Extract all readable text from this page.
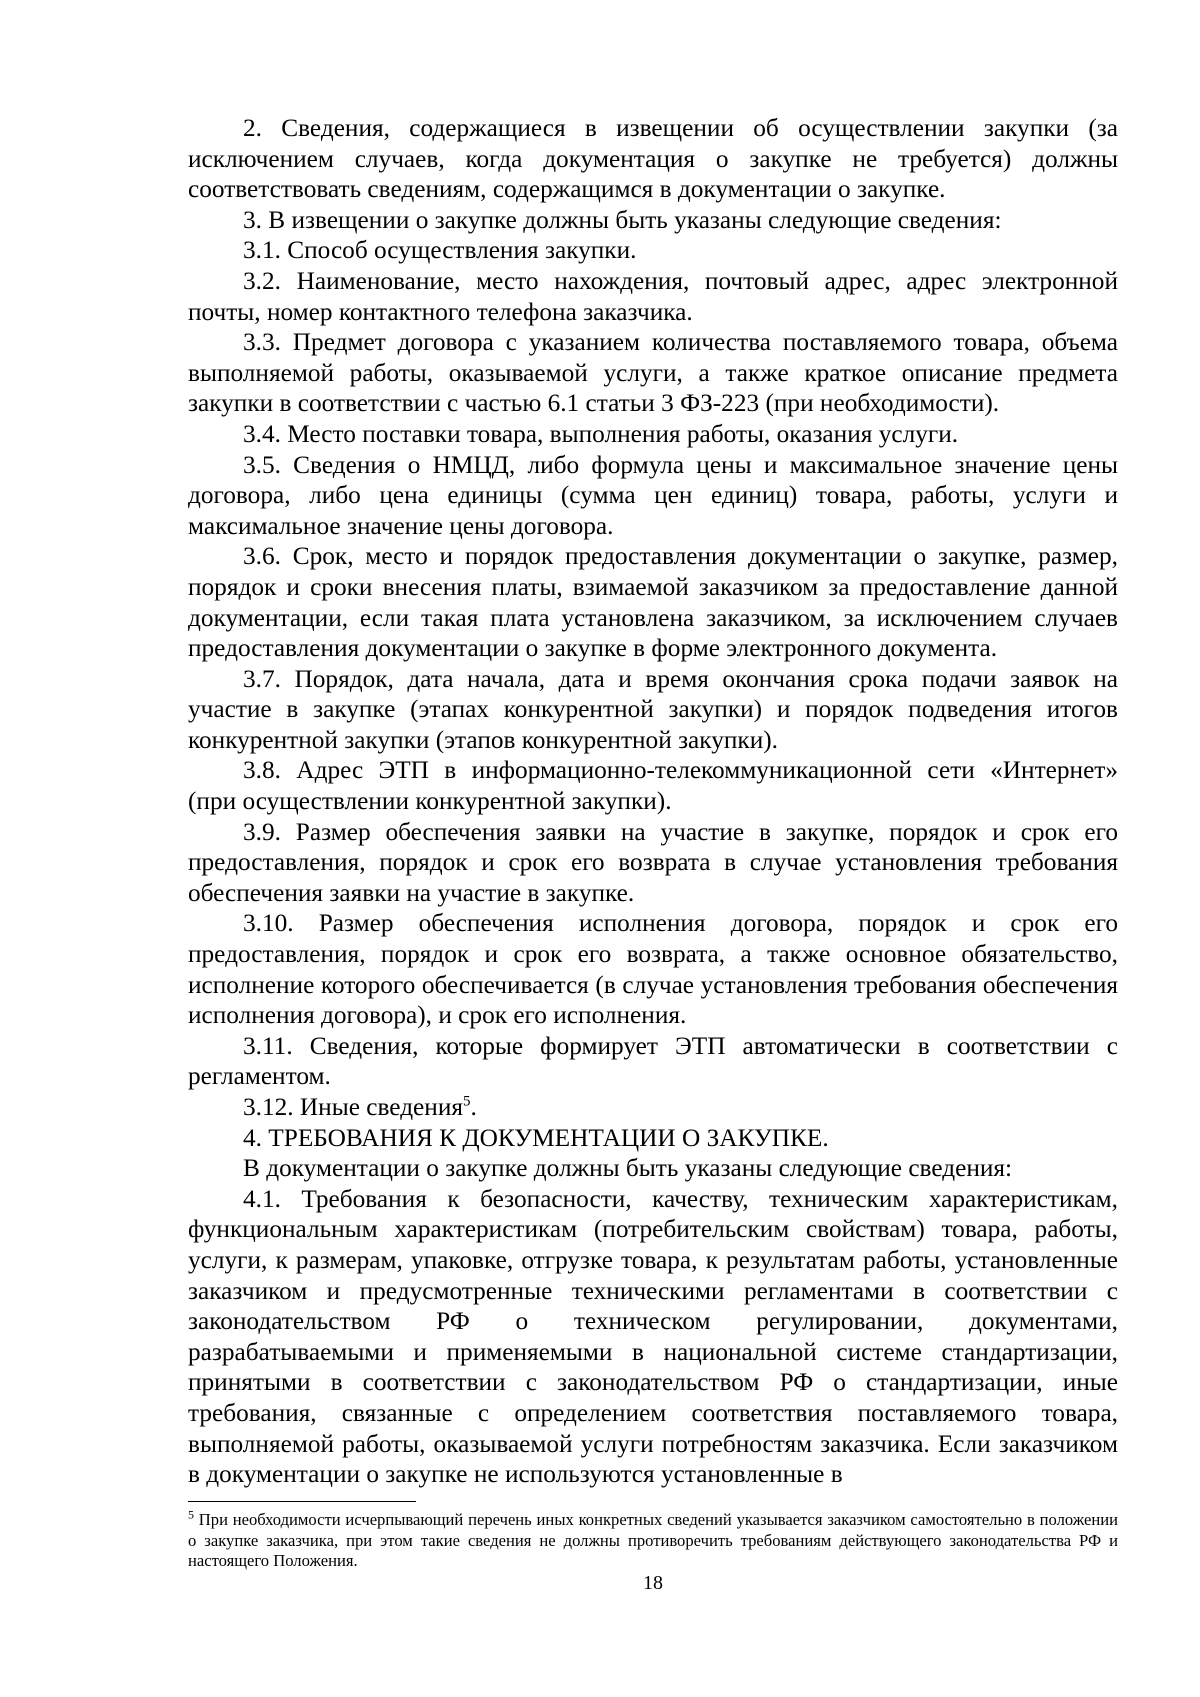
2. Сведения, содержащиеся в извещении об осуществлении закупки (за исключением случаев, когда документация о закупке не требуется) должны соответствовать сведениям, содержащимся в документации о закупке.

3. В извещении о закупке должны быть указаны следующие сведения:

3.1. Способ осуществления закупки.

3.2. Наименование, место нахождения, почтовый адрес, адрес электронной почты, номер контактного телефона заказчика.

3.3. Предмет договора с указанием количества поставляемого товара, объема выполняемой работы, оказываемой услуги, а также краткое описание предмета закупки в соответствии с частью 6.1 статьи 3 ФЗ-223 (при необходимости).

3.4. Место поставки товара, выполнения работы, оказания услуги.

3.5. Сведения о НМЦД, либо формула цены и максимальное значение цены договора, либо цена единицы (сумма цен единиц) товара, работы, услуги и максимальное значение цены договора.

3.6. Срок, место и порядок предоставления документации о закупке, размер, порядок и сроки внесения платы, взимаемой заказчиком за предоставление данной документации, если такая плата установлена заказчиком, за исключением случаев предоставления документации о закупке в форме электронного документа.

3.7. Порядок, дата начала, дата и время окончания срока подачи заявок на участие в закупке (этапах конкурентной закупки) и порядок подведения итогов конкурентной закупки (этапов конкурентной закупки).

3.8. Адрес ЭТП в информационно-телекоммуникационной сети «Интернет» (при осуществлении конкурентной закупки).

3.9. Размер обеспечения заявки на участие в закупке, порядок и срок его предоставления, порядок и срок его возврата в случае установления требования обеспечения заявки на участие в закупке.

3.10. Размер обеспечения исполнения договора, порядок и срок его предоставления, порядок и срок его возврата, а также основное обязательство, исполнение которого обеспечивается (в случае установления требования обеспечения исполнения договора), и срок его исполнения.

3.11. Сведения, которые формирует ЭТП автоматически в соответствии с регламентом.

3.12. Иные сведения$^5$.

4. ТРЕБОВАНИЯ К ДОКУМЕНТАЦИИ О ЗАКУПКЕ.

В документации о закупке должны быть указаны следующие сведения:

4.1. Требования к безопасности, качеству, техническим характеристикам, функциональным характеристикам (потребительским свойствам) товара, работы, услуги, к размерам, упаковке, отгрузке товара, к результатам работы, установленные заказчиком и предусмотренные техническими регламентами в соответствии с законодательством РФ о техническом регулировании, документами, разрабатываемыми и применяемыми в национальной системе стандартизации, принятыми в соответствии с законодательством РФ о стандартизации, иные требования, связанные с определением соответствия поставляемого товара, выполняемой работы, оказываемой услуги потребностям заказчика. Если заказчиком в документации о закупке не используются установленные в

$^5$ При необходимости исчерпывающий перечень иных конкретных сведений указывается заказчиком самостоятельно в положении о закупке заказчика, при этом такие сведения не должны противоречить требованиям действующего законодательства РФ и настоящего Положения.

18
